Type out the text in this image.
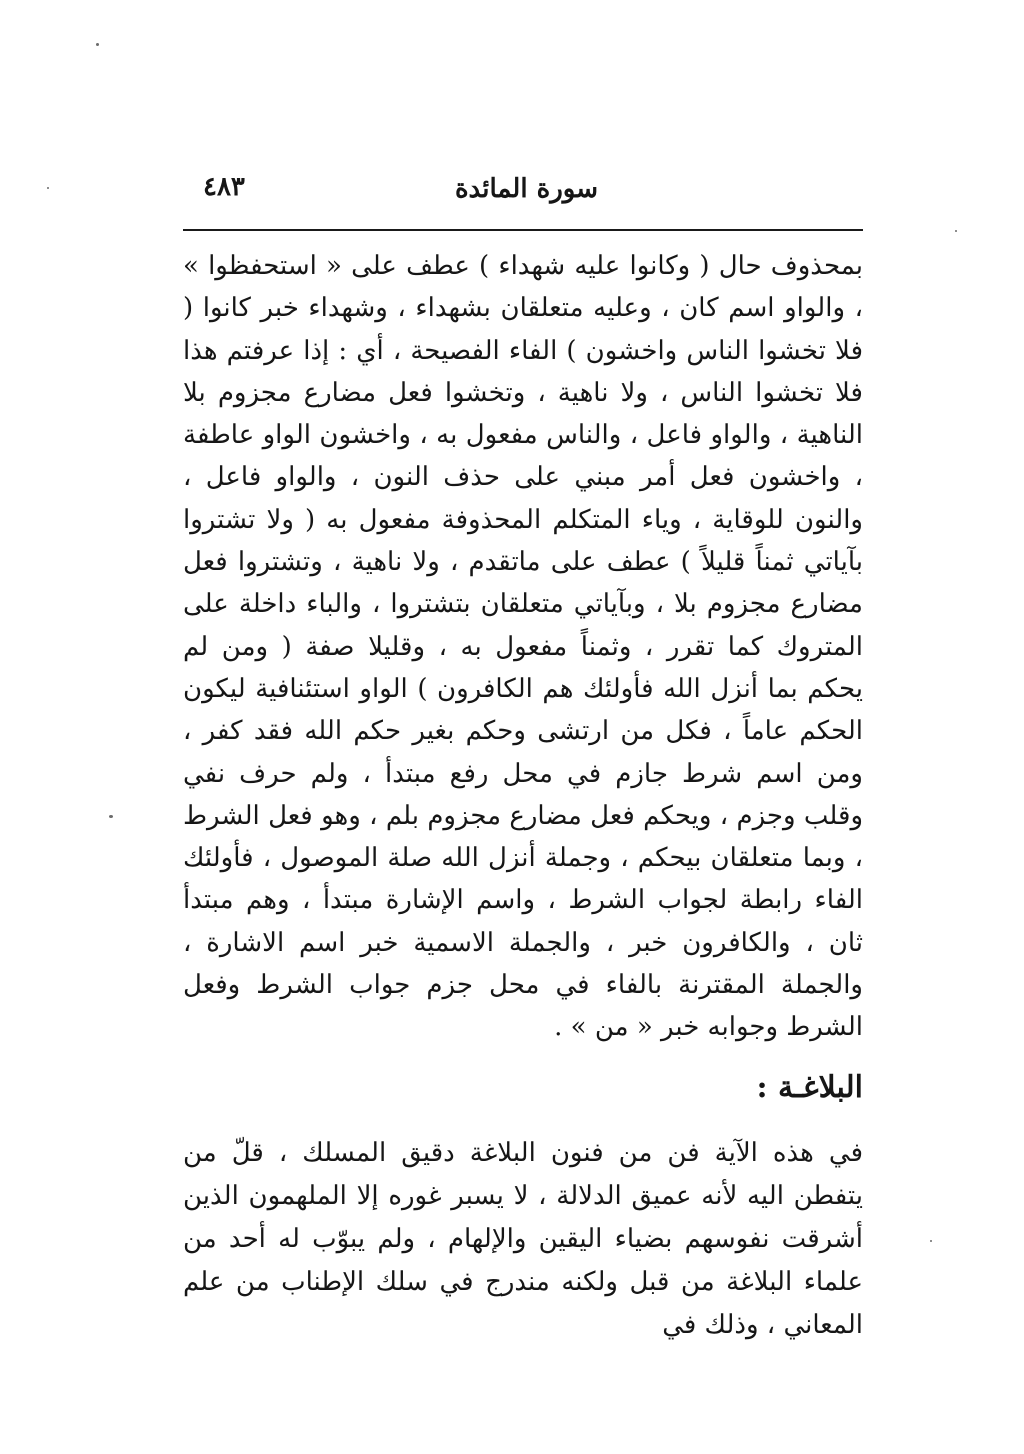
سورة المائدة
٤٨٣

بمحذوف حال ( وكانوا عليه شهداء ) عطف على « استحفظوا » ، والواو اسم كان ، وعليه متعلقان بشهداء ، وشهداء خبر كانوا ( فلا تخشوا الناس واخشون ) الفاء الفصيحة ، أي : إذا عرفتم هذا فلا تخشوا الناس ، ولا ناهية ، وتخشوا فعل مضارع مجزوم بلا الناهية ، والواو فاعل ، والناس مفعول به ، واخشون الواو عاطفة ، واخشون فعل أمر مبني على حذف النون ، والواو فاعل ، والنون للوقاية ، وياء المتكلم المحذوفة مفعول به ( ولا تشتروا بآياتي ثمناً قليلاً ) عطف على ماتقدم ، ولا ناهية ، وتشتروا فعل مضارع مجزوم بلا ، وبآياتي متعلقان بتشتروا ، والباء داخلة على المتروك كما تقرر ، وثمناً مفعول به ، وقليلا صفة ( ومن لم يحكم بما أنزل الله فأولئك هم الكافرون ) الواو استئنافية ليكون الحكم عاماً ، فكل من ارتشى وحكم بغير حكم الله فقد كفر ، ومن اسم شرط جازم في محل رفع مبتدأ ، ولم حرف نفي وقلب وجزم ، ويحكم فعل مضارع مجزوم بلم ، وهو فعل الشرط ، وبما متعلقان بيحكم ، وجملة أنزل الله صلة الموصول ، فأولئك الفاء رابطة لجواب الشرط ، واسم الإشارة مبتدأ ، وهم مبتدأ ثان ، والكافرون خبر ، والجملة الاسمية خبر اسم الاشارة ، والجملة المقترنة بالفاء في محل جزم جواب الشرط وفعل الشرط وجوابه خبر « من » .

البلاغـة :

في هذه الآية فن من فنون البلاغة دقيق المسلك ، قلّ من يتفطن اليه لأنه عميق الدلالة ، لا يسبر غوره إلا الملهمون الذين أشرقت نفوسهم بضياء اليقين والإلهام ، ولم يبوّب له أحد من علماء البلاغة من قبل ولكنه مندرج في سلك الإطناب من علم المعاني ، وذلك في
